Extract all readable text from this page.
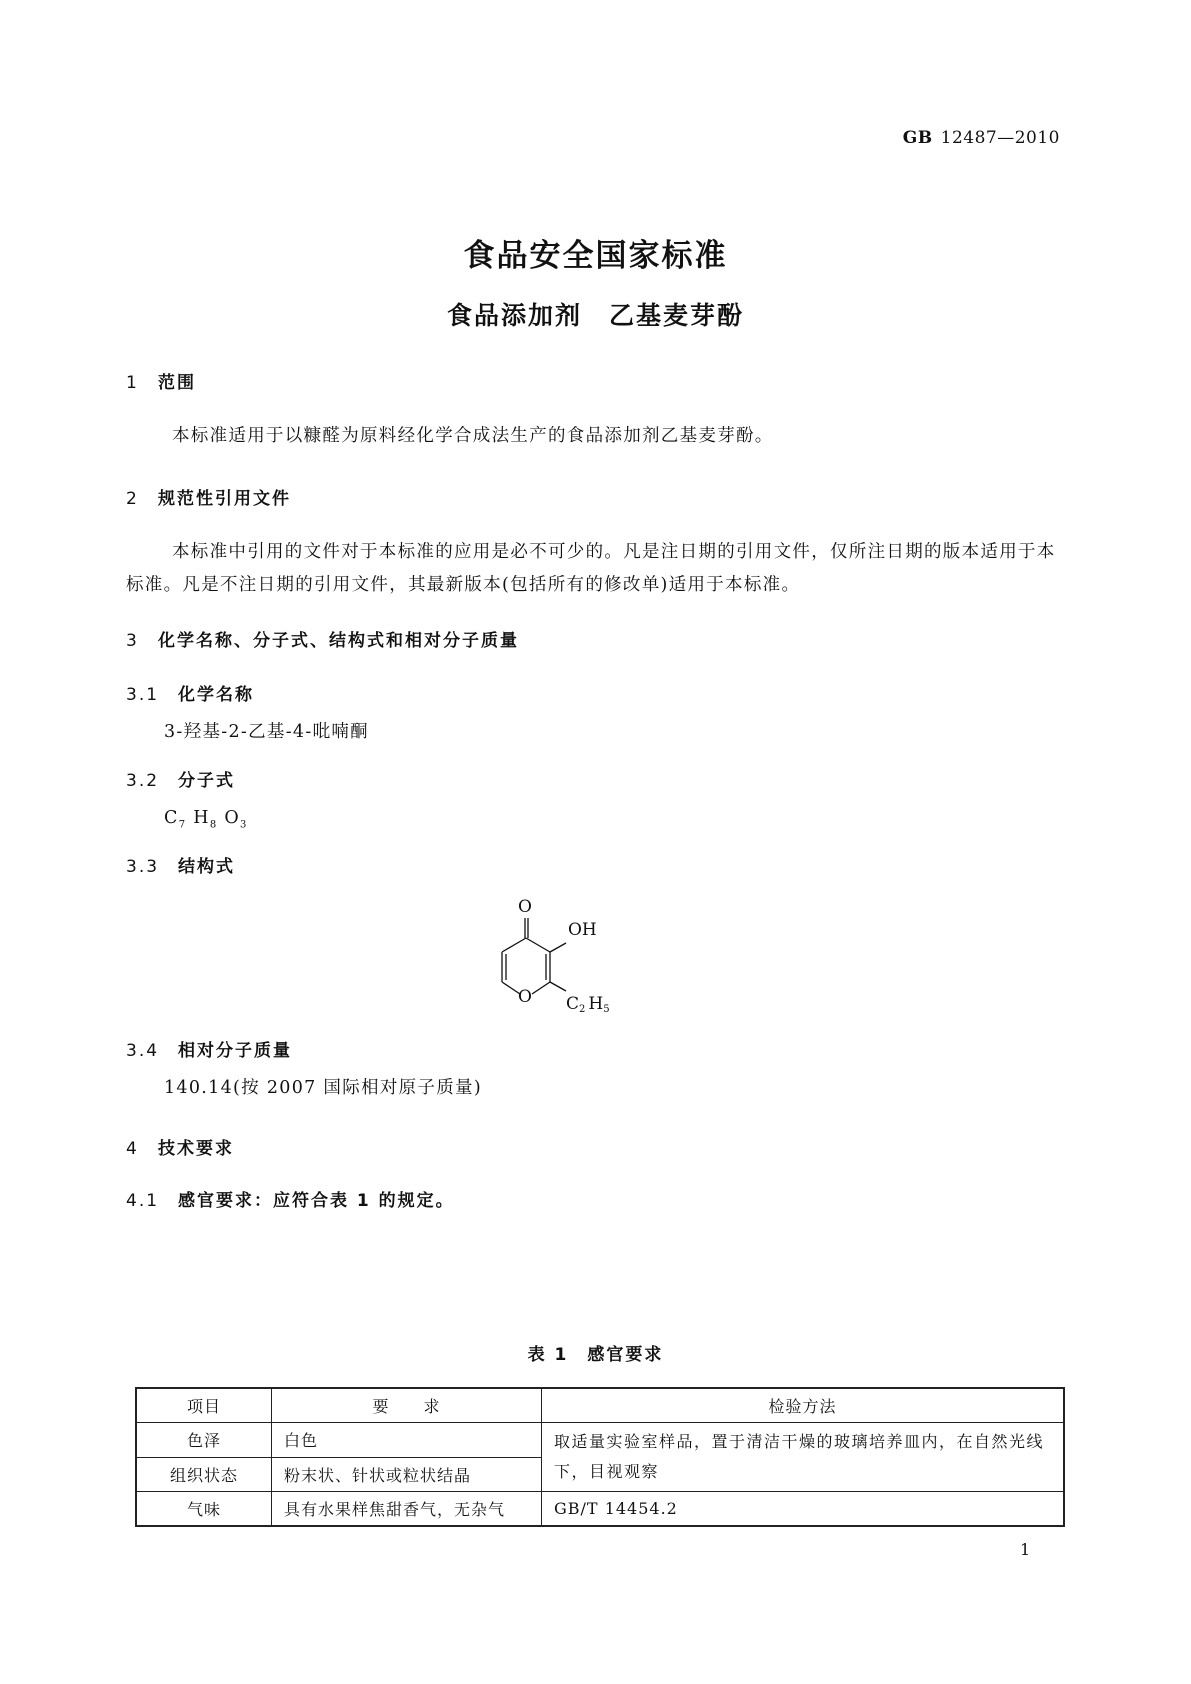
GB 12487—2010
食品安全国家标准
食品添加剂　乙基麦芽酚
1 范围
本标准适用于以糠醛为原料经化学合成法生产的食品添加剂乙基麦芽酚。
2 规范性引用文件
本标准中引用的文件对于本标准的应用是必不可少的。凡是注日期的引用文件，仅所注日期的版本适用于本标准。凡是不注日期的引用文件，其最新版本(包括所有的修改单)适用于本标准。
3 化学名称、分子式、结构式和相对分子质量
3.1 化学名称
3-羟基-2-乙基-4-吡喃酮
3.2 分子式
$C_7$ $H_8$ $O_3$
3.3 结构式
O
OH
O C2 H5
3.4 相对分子质量
140.14(按 2007 国际相对原子质量)
4 技术要求
4.1 感官要求：应符合表 1 的规定。
表 1　感官要求
项目	要　　求	检验方法
色泽	白色	取适量实验室样品，置于清洁干燥的玻璃培养皿内，在自然光线下，目视观察
组织状态	粉末状、针状或粒状结晶	
气味	具有水果样焦甜香气，无杂气	GB/T 14454.2
1
